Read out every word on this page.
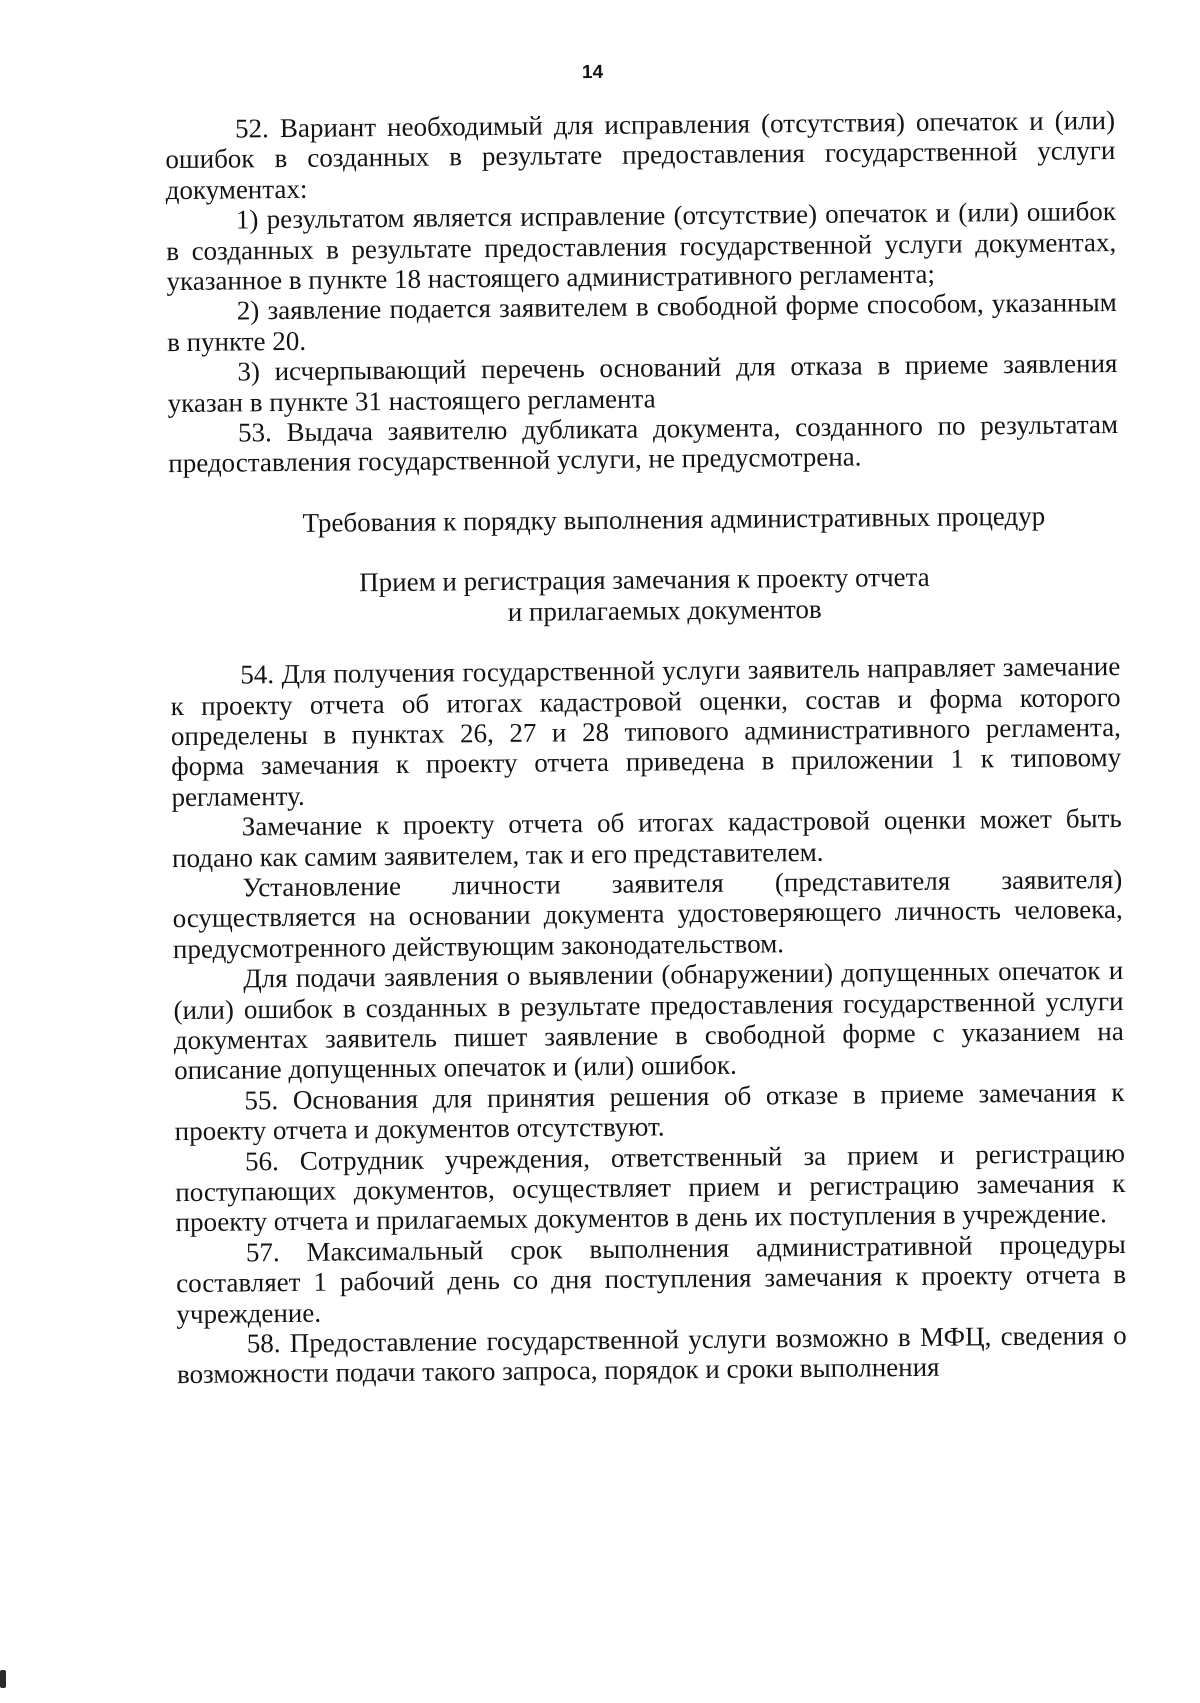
14

52. Вариант необходимый для исправления (отсутствия) опечаток и (или) ошибок в созданных в результате предоставления государственной услуги документах:

1) результатом является исправление (отсутствие) опечаток и (или) ошибок в созданных в результате предоставления государственной услуги документах, указанное в пункте 18 настоящего административного регламента;

2) заявление подается заявителем в свободной форме способом, указанным в пункте 20.

3) исчерпывающий перечень оснований для отказа в приеме заявления указан в пункте 31 настоящего регламента

53. Выдача заявителю дубликата документа, созданного по результатам предоставления государственной услуги, не предусмотрена.

Требования к порядку выполнения административных процедур
Прием и регистрация замечания к проекту отчета
и прилагаемых документов

54. Для получения государственной услуги заявитель направляет замечание к проекту отчета об итогах кадастровой оценки, состав и форма которого определены в пунктах 26, 27 и 28 типового административного регламента, форма замечания к проекту отчета приведена в приложении 1 к типовому регламенту.

Замечание к проекту отчета об итогах кадастровой оценки может быть подано как самим заявителем, так и его представителем.

Установление личности заявителя (представителя заявителя) осуществляется на основании документа удостоверяющего личность человека, предусмотренного действующим законодательством.

Для подачи заявления о выявлении (обнаружении) допущенных опечаток и (или) ошибок в созданных в результате предоставления государственной услуги документах заявитель пишет заявление в свободной форме с указанием на описание допущенных опечаток и (или) ошибок.

55. Основания для принятия решения об отказе в приеме замечания к проекту отчета и документов отсутствуют.

56. Сотрудник учреждения, ответственный за прием и регистрацию поступающих документов, осуществляет прием и регистрацию замечания к проекту отчета и прилагаемых документов в день их поступления в учреждение.

57. Максимальный срок выполнения административной процедуры составляет 1 рабочий день со дня поступления замечания к проекту отчета в учреждение.

58. Предоставление государственной услуги возможно в МФЦ, сведения о возможности подачи такого запроса, порядок и сроки выполнения
